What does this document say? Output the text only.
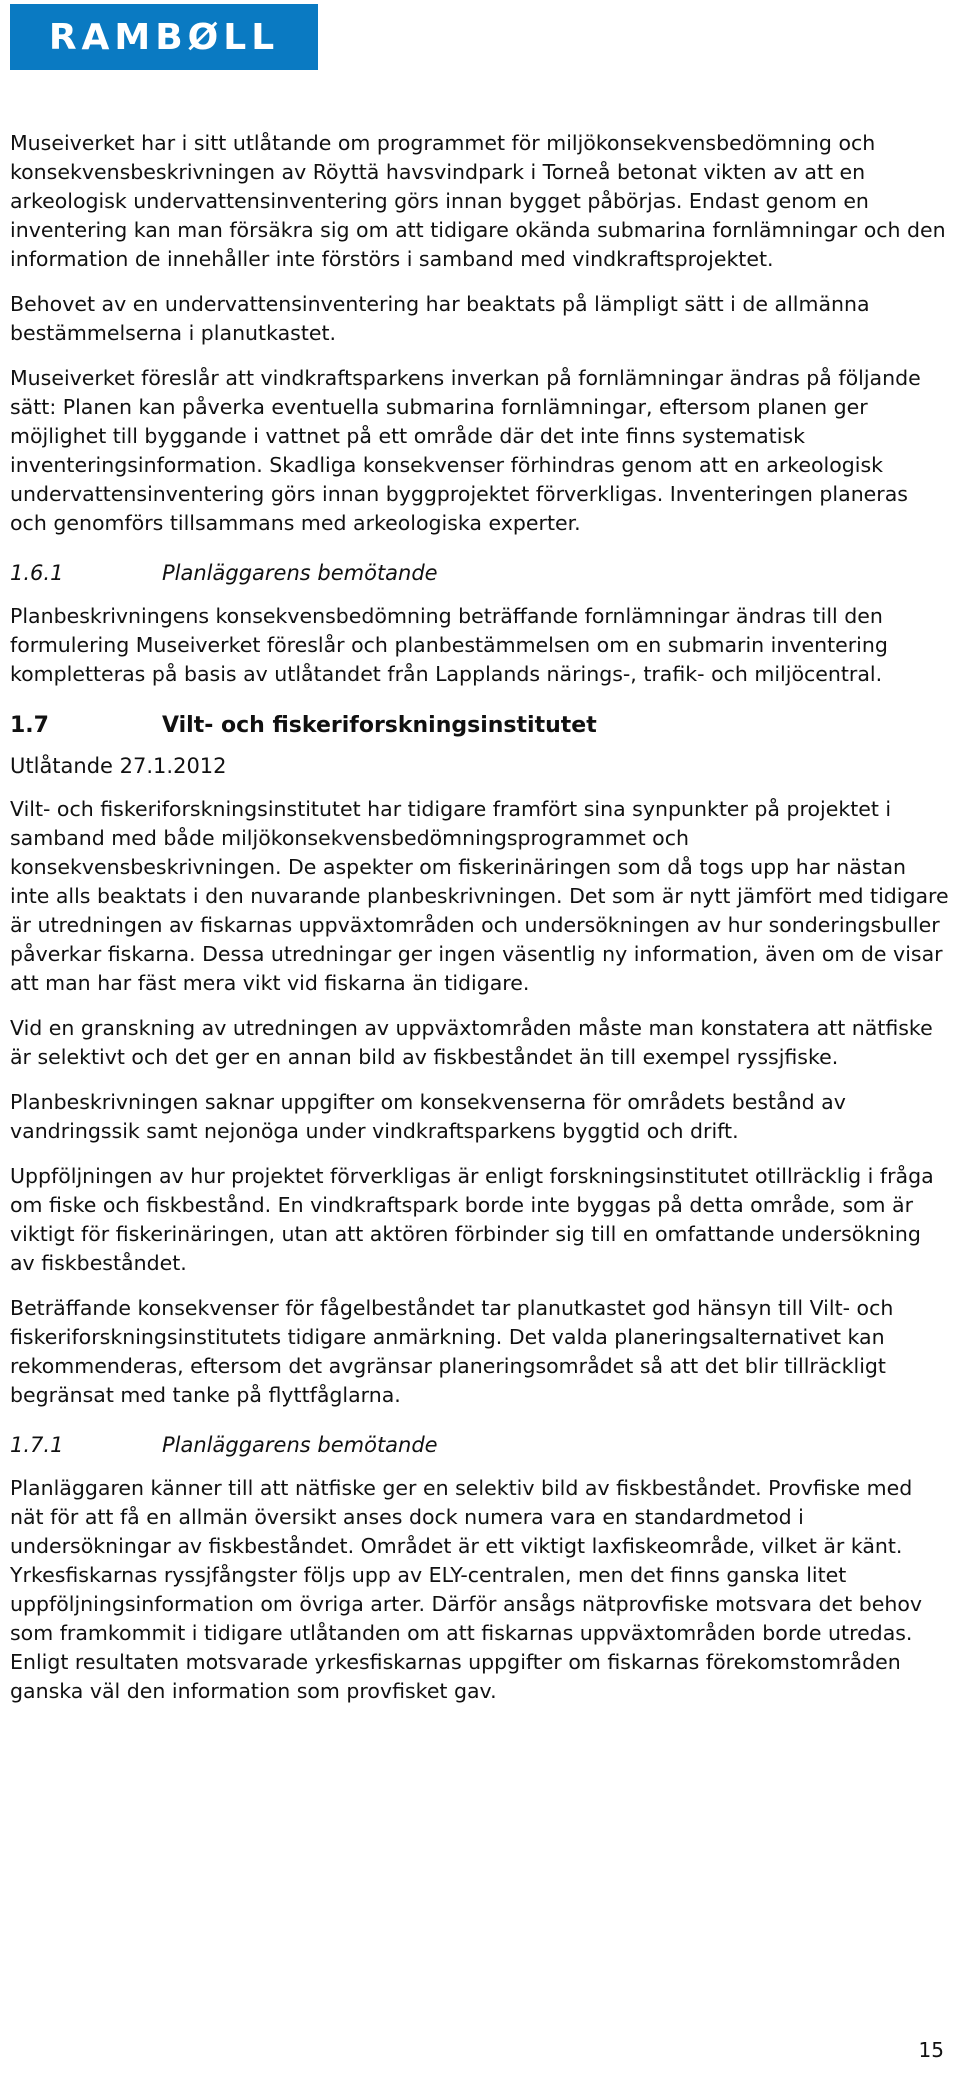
RAMBØLL

Museiverket har i sitt utlåtande om programmet för miljökonsekvensbedömning och konsekvensbeskrivningen av Röyttä havsvindpark i Torneå betonat vikten av att en arkeologisk undervattensinventering görs innan bygget påbörjas. Endast genom en inventering kan man försäkra sig om att tidigare okända submarina fornlämningar och den information de innehåller inte förstörs i samband med vindkraftsprojektet.

Behovet av en undervattensinventering har beaktats på lämpligt sätt i de allmänna bestämmelserna i planutkastet.

Museiverket föreslår att vindkraftsparkens inverkan på fornlämningar ändras på följande sätt: Planen kan påverka eventuella submarina fornlämningar, eftersom planen ger möjlighet till byggande i vattnet på ett område där det inte finns systematisk inventeringsinformation. Skadliga konsekvenser förhindras genom att en arkeologisk undervattensinventering görs innan byggprojektet förverkligas. Inventeringen planeras och genomförs tillsammans med arkeologiska experter.

1.6.1	Planläggarens bemötande

Planbeskrivningens konsekvensbedömning beträffande fornlämningar ändras till den formulering Museiverket föreslår och planbestämmelsen om en submarin inventering kompletteras på basis av utlåtandet från Lapplands närings-, trafik- och miljöcentral.

1.7	Vilt- och fiskeriforskningsinstitutet
Utlåtande 27.1.2012

Vilt- och fiskeriforskningsinstitutet har tidigare framfört sina synpunkter på projektet i samband med både miljökonsekvensbedömningsprogrammet och konsekvensbeskrivningen. De aspekter om fiskerinäringen som då togs upp har nästan inte alls beaktats i den nuvarande planbeskrivningen. Det som är nytt jämfört med tidigare är utredningen av fiskarnas uppväxtområden och undersökningen av hur sonderingsbuller påverkar fiskarna. Dessa utredningar ger ingen väsentlig ny information, även om de visar att man har fäst mera vikt vid fiskarna än tidigare.

Vid en granskning av utredningen av uppväxtområden måste man konstatera att nätfiske är selektivt och det ger en annan bild av fiskbeståndet än till exempel ryssjfiske.

Planbeskrivningen saknar uppgifter om konsekvenserna för områdets bestånd av vandringssik samt nejonöga under vindkraftsparkens byggtid och drift.

Uppföljningen av hur projektet förverkligas är enligt forskningsinstitutet otillräcklig i fråga om fiske och fiskbestånd. En vindkraftspark borde inte byggas på detta område, som är viktigt för fiskerinäringen, utan att aktören förbinder sig till en omfattande undersökning av fiskbeståndet.

Beträffande konsekvenser för fågelbeståndet tar planutkastet god hänsyn till Vilt- och fiskeriforskningsinstitutets tidigare anmärkning. Det valda planeringsalternativet kan rekommenderas, eftersom det avgränsar planeringsområdet så att det blir tillräckligt begränsat med tanke på flyttfåglarna.

1.7.1	Planläggarens bemötande

Planläggaren känner till att nätfiske ger en selektiv bild av fiskbeståndet. Provfiske med nät för att få en allmän översikt anses dock numera vara en standardmetod i undersökningar av fiskbeståndet. Området är ett viktigt laxfiskeområde, vilket är känt. Yrkesfiskarnas ryssjfångster följs upp av ELY-centralen, men det finns ganska litet uppföljningsinformation om övriga arter. Därför ansågs nätprovfiske motsvara det behov som framkommit i tidigare utlåtanden om att fiskarnas uppväxtområden borde utredas. Enligt resultaten motsvarade yrkesfiskarnas uppgifter om fiskarnas förekomstområden ganska väl den information som provfisket gav.

15
